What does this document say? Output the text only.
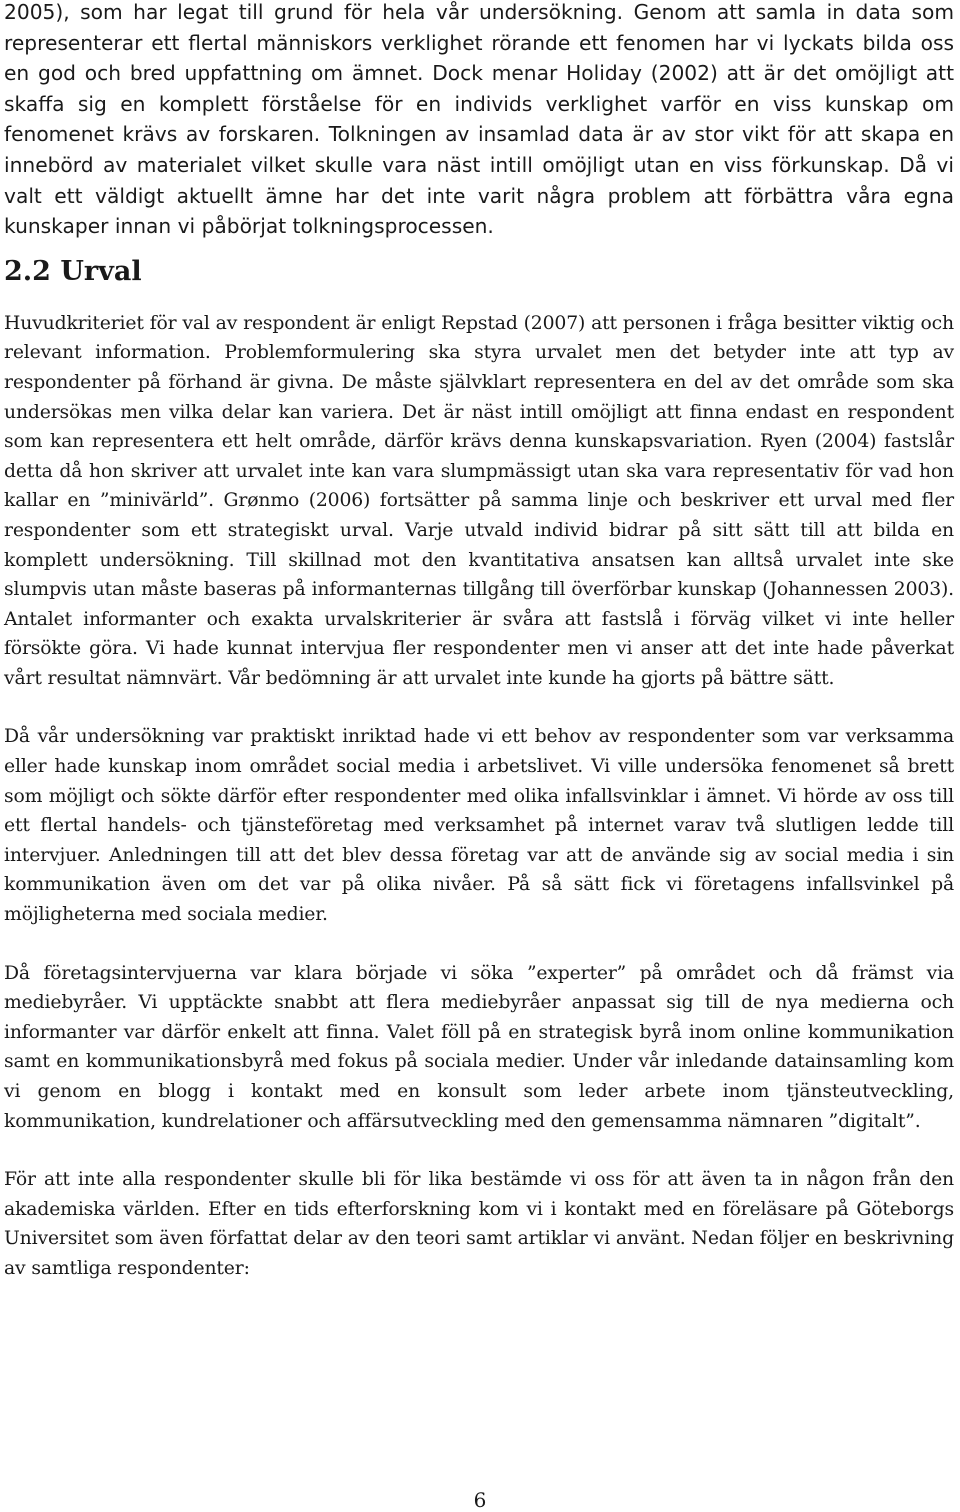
2005), som har legat till grund för hela vår undersökning. Genom att samla in data som representerar ett flertal människors verklighet rörande ett fenomen har vi lyckats bilda oss en god och bred uppfattning om ämnet. Dock menar Holiday (2002) att är det omöjligt att skaffa sig en komplett förståelse för en individs verklighet varför en viss kunskap om fenomenet krävs av forskaren. Tolkningen av insamlad data är av stor vikt för att skapa en innebörd av materialet vilket skulle vara näst intill omöjligt utan en viss förkunskap. Då vi valt ett väldigt aktuellt ämne har det inte varit några problem att förbättra våra egna kunskaper innan vi påbörjat tolkningsprocessen.

2.2 Urval

Huvudkriteriet för val av respondent är enligt Repstad (2007) att personen i fråga besitter viktig och relevant information. Problemformulering ska styra urvalet men det betyder inte att typ av respondenter på förhand är givna. De måste självklart representera en del av det område som ska undersökas men vilka delar kan variera. Det är näst intill omöjligt att finna endast en respondent som kan representera ett helt område, därför krävs denna kunskapsvariation. Ryen (2004) fastslår detta då hon skriver att urvalet inte kan vara slumpmässigt utan ska vara representativ för vad hon kallar en ”minivärld”. Grønmo (2006) fortsätter på samma linje och beskriver ett urval med fler respondenter som ett strategiskt urval. Varje utvald individ bidrar på sitt sätt till att bilda en komplett undersökning. Till skillnad mot den kvantitativa ansatsen kan alltså urvalet inte ske slumpvis utan måste baseras på informanternas tillgång till överförbar kunskap (Johannessen 2003). Antalet informanter och exakta urvalskriterier är svåra att fastslå i förväg vilket vi inte heller försökte göra. Vi hade kunnat intervjua fler respondenter men vi anser att det inte hade påverkat vårt resultat nämnvärt. Vår bedömning är att urvalet inte kunde ha gjorts på bättre sätt.

Då vår undersökning var praktiskt inriktad hade vi ett behov av respondenter som var verksamma eller hade kunskap inom området social media i arbetslivet. Vi ville undersöka fenomenet så brett som möjligt och sökte därför efter respondenter med olika infallsvinklar i ämnet. Vi hörde av oss till ett flertal handels- och tjänsteföretag med verksamhet på internet varav två slutligen ledde till intervjuer. Anledningen till att det blev dessa företag var att de använde sig av social media i sin kommunikation även om det var på olika nivåer. På så sätt fick vi företagens infallsvinkel på möjligheterna med sociala medier.

Då företagsintervjuerna var klara började vi söka ”experter” på området och då främst via mediebyråer. Vi upptäckte snabbt att flera mediebyråer anpassat sig till de nya medierna och informanter var därför enkelt att finna. Valet föll på en strategisk byrå inom online kommunikation samt en kommunikationsbyrå med fokus på sociala medier. Under vår inledande datainsamling kom vi genom en blogg i kontakt med en konsult som leder arbete inom tjänsteutveckling, kommunikation, kundrelationer och affärsutveckling med den gemensamma nämnaren ”digitalt”.

För att inte alla respondenter skulle bli för lika bestämde vi oss för att även ta in någon från den akademiska världen. Efter en tids efterforskning kom vi i kontakt med en föreläsare på Göteborgs Universitet som även författat delar av den teori samt artiklar vi använt. Nedan följer en beskrivning av samtliga respondenter:

6
